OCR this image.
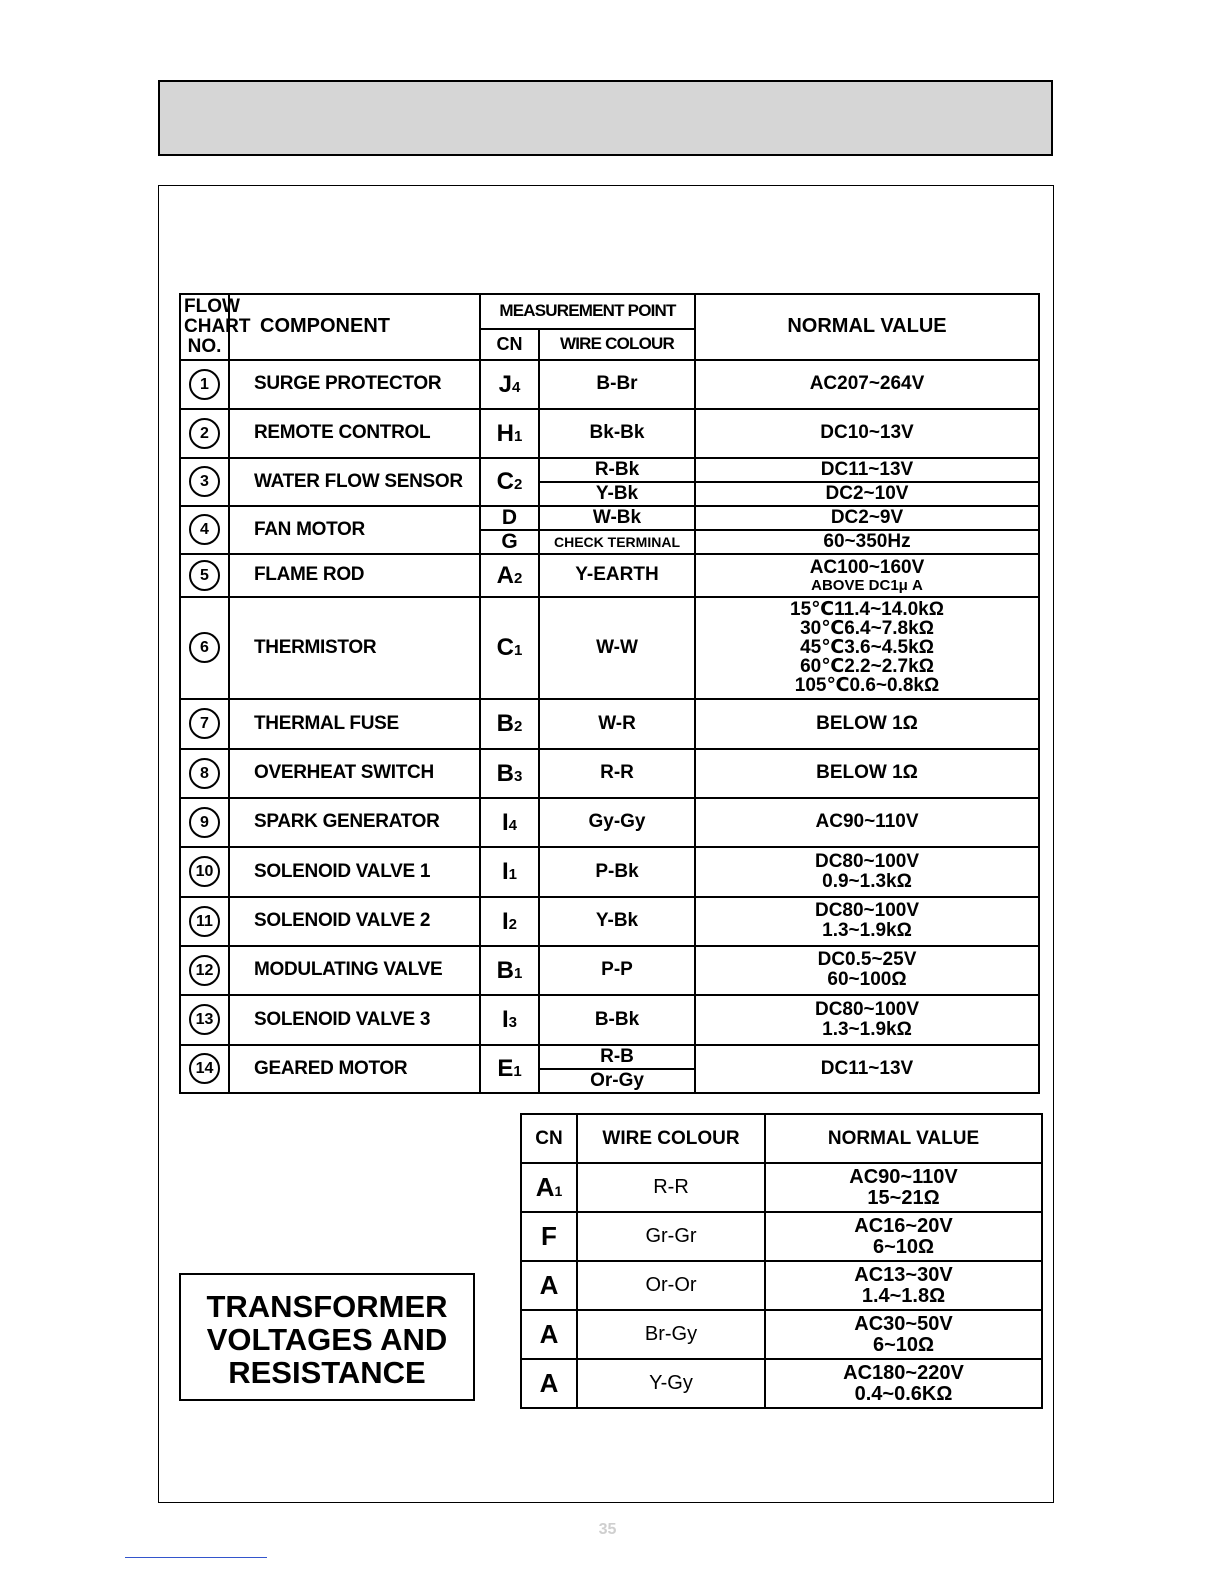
FLOW CHART NO.	COMPONENT	MEASUREMENT POINT		NORMAL VALUE
		CN	WIRE COLOUR	
1	SURGE PROTECTOR	J4	B-Br	AC207~264V
2	REMOTE CONTROL	H1	Bk-Bk	DC10~13V
3	WATER FLOW SENSOR	C2	R-Bk	DC11~13V
			Y-Bk	DC2~10V
4	FAN MOTOR	D	W-Bk	DC2~9V
		G	CHECK TERMINAL	60~350Hz
5	FLAME ROD	A2	Y-EARTH	AC100~160V
ABOVE DC1μ A

6	THERMISTOR	C1	W-W	15℃11.4~14.0kΩ
30℃6.4~7.8kΩ
45℃3.6~4.5kΩ
60℃2.2~2.7kΩ
105℃0.6~0.8kΩ

7	THERMAL FUSE	B2	W-R	BELOW 1Ω
8	OVERHEAT SWITCH	B3	R-R	BELOW 1Ω
9	SPARK GENERATOR	I4	Gy-Gy	AC90~110V
10	SOLENOID VALVE 1	I1	P-Bk	DC80~100V
0.9~1.3kΩ

11	SOLENOID VALVE 2	I2	Y-Bk	DC80~100V
1.3~1.9kΩ

12	MODULATING VALVE	B1	P-P	DC0.5~25V
60~100Ω

13	SOLENOID VALVE 3	I3	B-Bk	DC80~100V
1.3~1.9kΩ

14	GEARED MOTOR	E1	R-B	DC11~13V
			Or-Gy	
CN	WIRE COLOUR	NORMAL VALUE
A1	R-R	AC90~110V
15~21Ω

F	Gr-Gr	AC16~20V
6~10Ω

A	Or-Or	AC13~30V
1.4~1.8Ω

A	Br-Gy	AC30~50V
6~10Ω

A	Y-Gy	AC180~220V
0.4~0.6KΩ
TRANSFORMER
VOLTAGES AND
RESISTANCE
35
